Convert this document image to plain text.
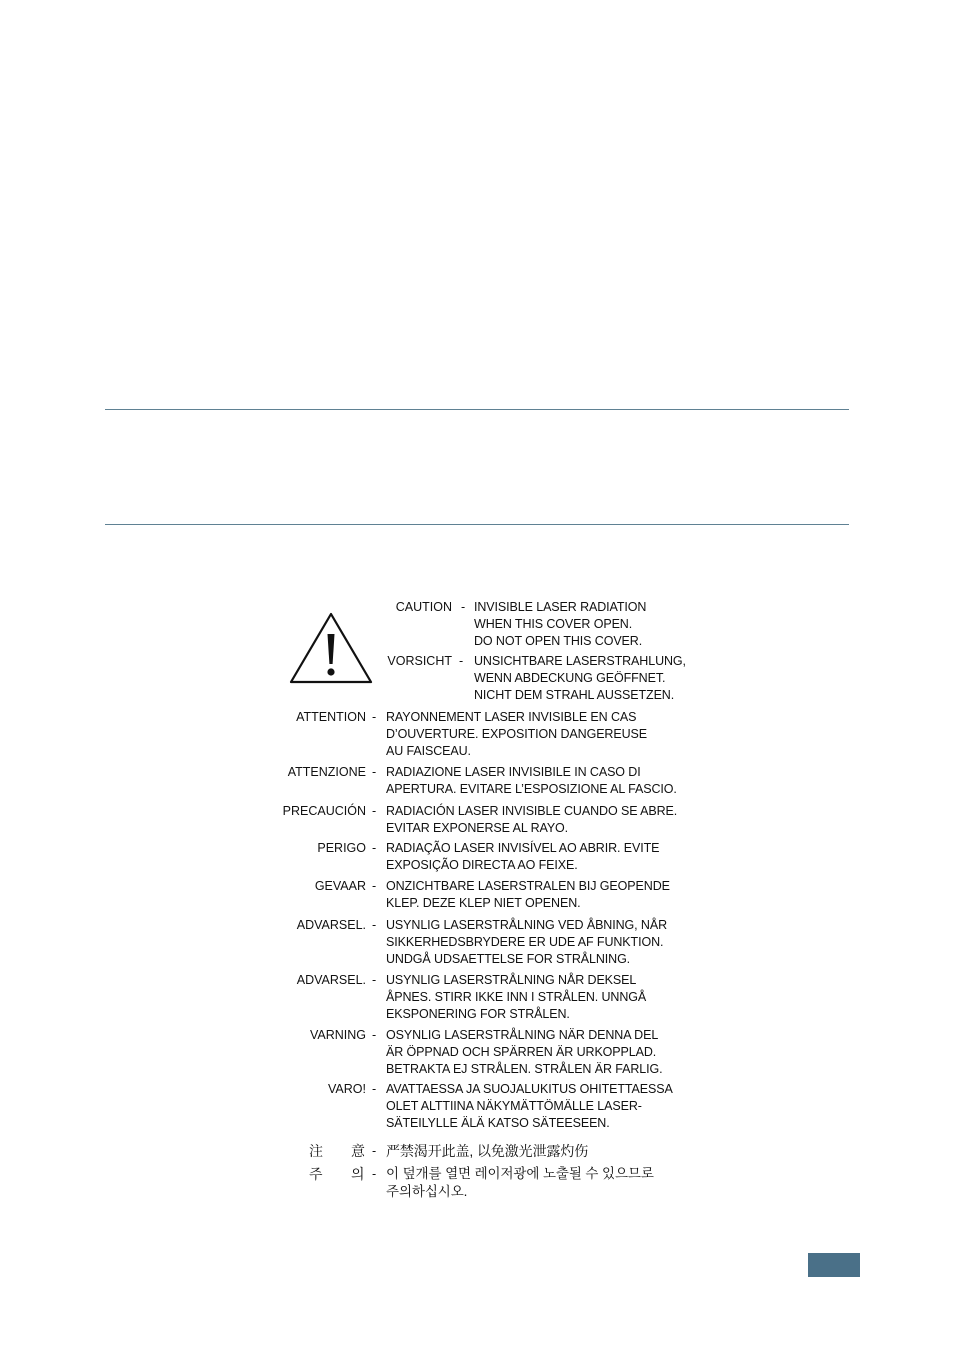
CAUTION - INVISIBLE LASER RADIATION
WHEN THIS COVER OPEN.
DO NOT OPEN THIS COVER.
VORSICHT - UNSICHTBARE LASERSTRAHLUNG,
WENN ABDECKUNG GEÖFFNET.
NICHT DEM STRAHL AUSSETZEN.
ATTENTION - RAYONNEMENT LASER INVISIBLE EN CAS
D’OUVERTURE. EXPOSITION DANGEREUSE
AU FAISCEAU.
ATTENZIONE - RADIAZIONE LASER INVISIBILE IN CASO DI
APERTURA. EVITARE L’ESPOSIZIONE AL FASCIO.
PRECAUCIÓN - RADIACIÓN LASER INVISIBLE CUANDO SE ABRE.
EVITAR EXPONERSE AL RAYO.
PERIGO - RADIAÇÃO LASER INVISÍVEL AO ABRIR. EVITE
EXPOSIÇÃO DIRECTA AO FEIXE.
GEVAAR - ONZICHTBARE LASERSTRALEN BIJ GEOPENDE
KLEP. DEZE KLEP NIET OPENEN.
ADVARSEL. - USYNLIG LASERSTRÅLNING VED ÅBNING, NÅR
SIKKERHEDSBRYDERE ER UDE AF FUNKTION.
UNDGÅ UDSAETTELSE FOR STRÅLNING.
ADVARSEL. - USYNLIG LASERSTRÅLNING NÅR DEKSEL
ÅPNES. STIRR IKKE INN I STRÅLEN. UNNGÅ
EKSPONERING FOR STRÅLEN.
VARNING - OSYNLIG LASERSTRÅLNING NÄR DENNA DEL
ÄR ÖPPNAD OCH SPÄRREN ÄR URKOPPLAD.
BETRAKTA EJ STRÅLEN. STRÅLEN ÄR FARLIG.
VARO! - AVATTAESSA JA SUOJALUKITUS OHITETTAESSA
OLET ALTTIINA NÄKYMÄTTÖMÄLLE LASER-
SÄTEILYLLE ÄLÄ KATSO SÄTEESEEN.
注 意 - 严禁渴开此盖, 以免激光泄露灼伤
주 의 - 이 덮개를 열면 레이저광에 노출될 수 있으므로
주의하십시오.
